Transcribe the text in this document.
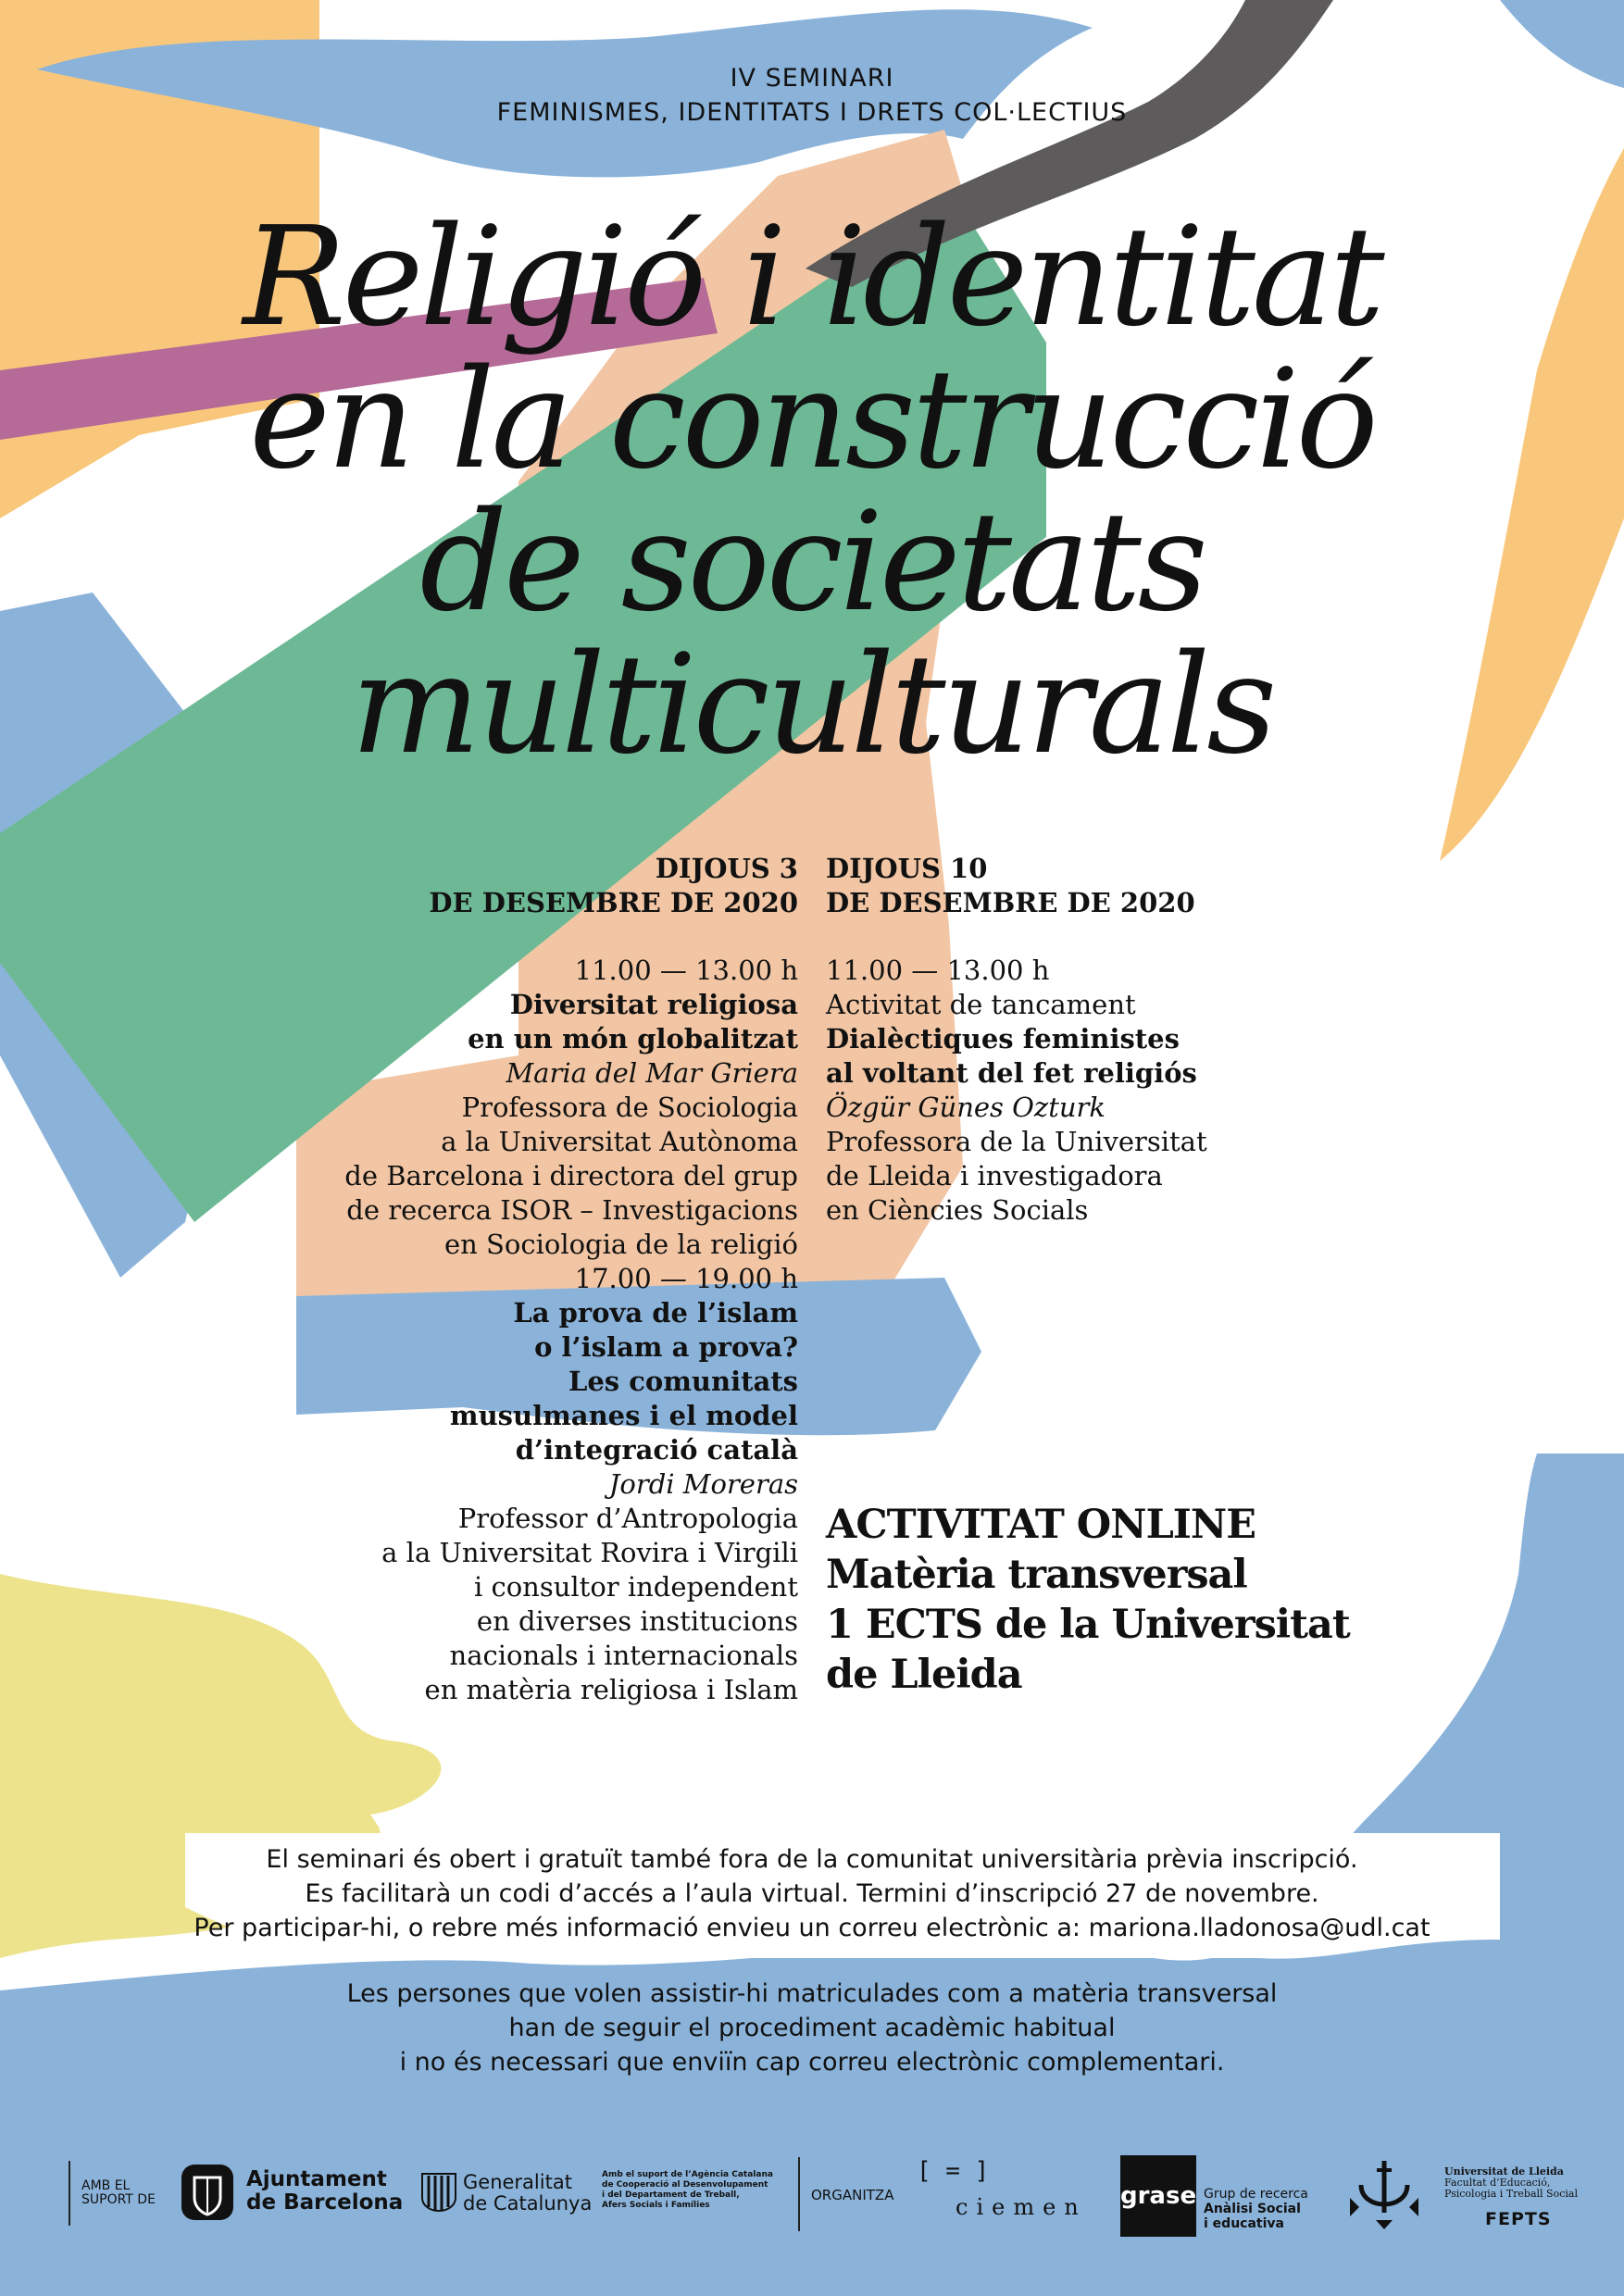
IV SEMINARI
FEMINISMES, IDENTITATS I DRETS COL·LECTIUS
Religió i identitat
en la construcció
de societats
multiculturals
DIJOUS 3
DE DESEMBRE DE 2020
11.00 — 13.00 h
Diversitat religiosa
en un món globalitzat
Maria del Mar Griera
Professora de Sociologia
a la Universitat Autònoma
de Barcelona i directora del grup
de recerca ISOR – Investigacions
en Sociologia de la religió
17.00 — 19.00 h
La prova de l’islam
o l’islam a prova?
Les comunitats
musulmanes i el model
d’integració català
Jordi Moreras
Professor d’Antropologia
a la Universitat Rovira i Virgili
i consultor independent
en diverses institucions
nacionals i internacionals
en matèria religiosa i Islam
DIJOUS 10
DE DESEMBRE DE 2020
11.00 — 13.00 h
Activitat de tancament
Dialèctiques feministes
al voltant del fet religiós
Özgür Günes Ozturk
Professora de la Universitat
de Lleida i investigadora
en Ciències Socials
ACTIVITAT ONLINE
Matèria transversal
1 ECTS de la Universitat
de Lleida
El seminari és obert i gratuït també fora de la comunitat universitària prèvia inscripció.
Es facilitarà un codi d’accés a l’aula virtual. Termini d’inscripció 27 de novembre.
Per participar-hi, o rebre més informació envieu un correu electrònic a: mariona.lladonosa@udl.cat
Les persones que volen assistir-hi matriculades com a matèria transversal
han de seguir el procediment acadèmic habitual
i no és necessari que enviïn cap correu electrònic complementari.
AMB EL
SUPORT DE
Ajuntament
de Barcelona
Generalitat
de Catalunya
Amb el suport de l’Agència Catalana
de Cooperació al Desenvolupament
i del Departament de Treball,
Afers Socials i Famílies
ORGANITZA
[ = ]
ciemen grase Grup de recerca
Anàlisi Social
i educativa
Universitat de Lleida
Facultat d’Educació,
Psicologia i Treball Social
FEPTS
